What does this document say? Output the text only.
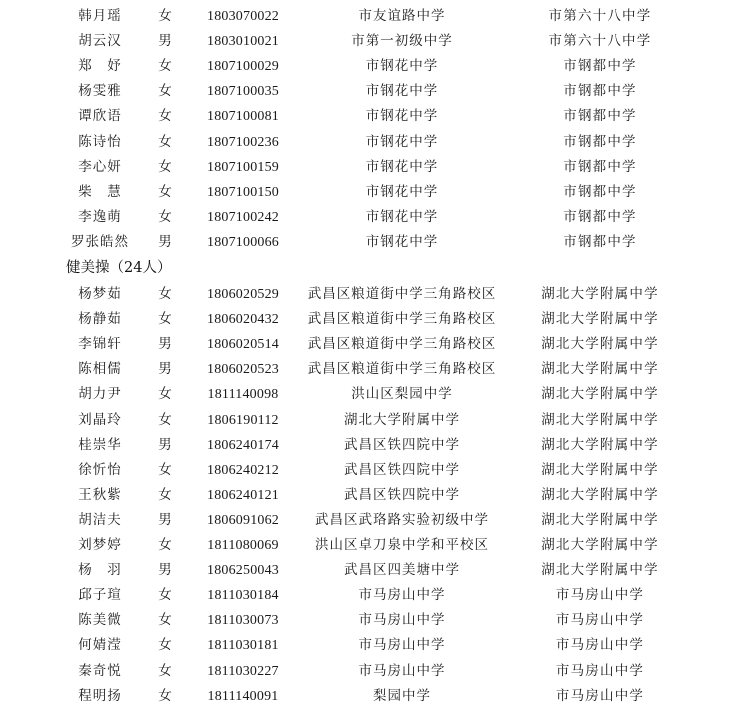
韩月瑶	女	1803070022	市友谊路中学	市第六十八中学
胡云汉	男	1803010021	市第一初级中学	市第六十八中学
郑　妤	女	1807100029	市钢花中学	市钢都中学
杨雯雅	女	1807100035	市钢花中学	市钢都中学
谭欣语	女	1807100081	市钢花中学	市钢都中学
陈诗怡	女	1807100236	市钢花中学	市钢都中学
李心妍	女	1807100159	市钢花中学	市钢都中学
柴　慧	女	1807100150	市钢花中学	市钢都中学
李逸萌	女	1807100242	市钢花中学	市钢都中学
罗张皓然	男	1807100066	市钢花中学	市钢都中学
健美操（24人）
杨梦茹	女	1806020529	武昌区粮道街中学三角路校区	湖北大学附属中学
杨静茹	女	1806020432	武昌区粮道街中学三角路校区	湖北大学附属中学
李锦轩	男	1806020514	武昌区粮道街中学三角路校区	湖北大学附属中学
陈相儒	男	1806020523	武昌区粮道街中学三角路校区	湖北大学附属中学
胡力尹	女	1811140098	洪山区梨园中学	湖北大学附属中学
刘晶玲	女	1806190112	湖北大学附属中学	湖北大学附属中学
桂崇华	男	1806240174	武昌区铁四院中学	湖北大学附属中学
徐忻怡	女	1806240212	武昌区铁四院中学	湖北大学附属中学
王秋紫	女	1806240121	武昌区铁四院中学	湖北大学附属中学
胡洁夫	男	1806091062	武昌区武珞路实验初级中学	湖北大学附属中学
刘梦婷	女	1811080069	洪山区卓刀泉中学和平校区	湖北大学附属中学
杨　羽	男	1806250043	武昌区四美塘中学	湖北大学附属中学
邱子瑄	女	1811030184	市马房山中学	市马房山中学
陈美微	女	1811030073	市马房山中学	市马房山中学
何婧滢	女	1811030181	市马房山中学	市马房山中学
秦奇悦	女	1811030227	市马房山中学	市马房山中学
程明扬	女	1811140091	梨园中学	市马房山中学
